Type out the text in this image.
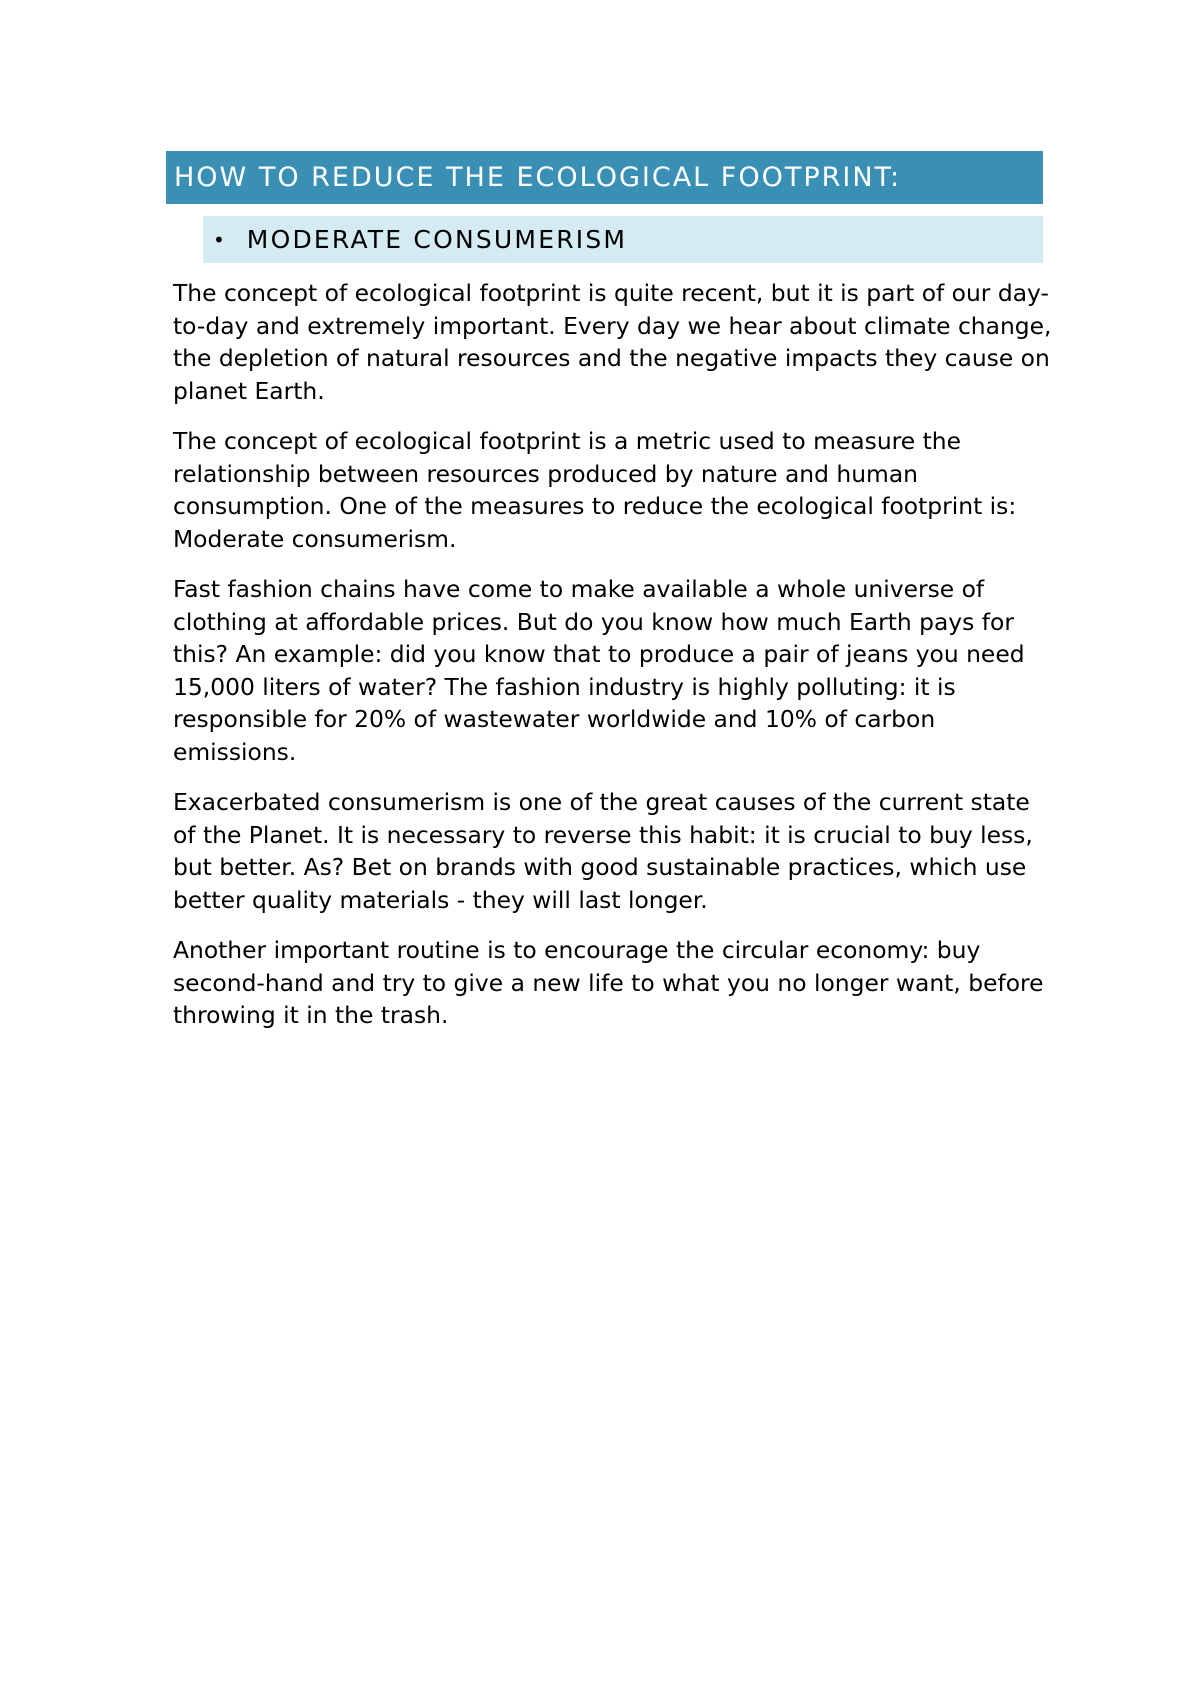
HOW TO REDUCE THE ECOLOGICAL FOOTPRINT:
• MODERATE CONSUMERISM

The concept of ecological footprint is quite recent, but it is part of our day-to-day and extremely important. Every day we hear about climate change, the depletion of natural resources and the negative impacts they cause on planet Earth.

The concept of ecological footprint is a metric used to measure the relationship between resources produced by nature and human consumption. One of the measures to reduce the ecological footprint is: Moderate consumerism.

Fast fashion chains have come to make available a whole universe of clothing at affordable prices. But do you know how much Earth pays for this? An example: did you know that to produce a pair of jeans you need 15,000 liters of water? The fashion industry is highly polluting: it is responsible for 20% of wastewater worldwide and 10% of carbon emissions.

Exacerbated consumerism is one of the great causes of the current state of the Planet. It is necessary to reverse this habit: it is crucial to buy less, but better. As? Bet on brands with good sustainable practices, which use better quality materials - they will last longer.

Another important routine is to encourage the circular economy: buy second-hand and try to give a new life to what you no longer want, before throwing it in the trash.
